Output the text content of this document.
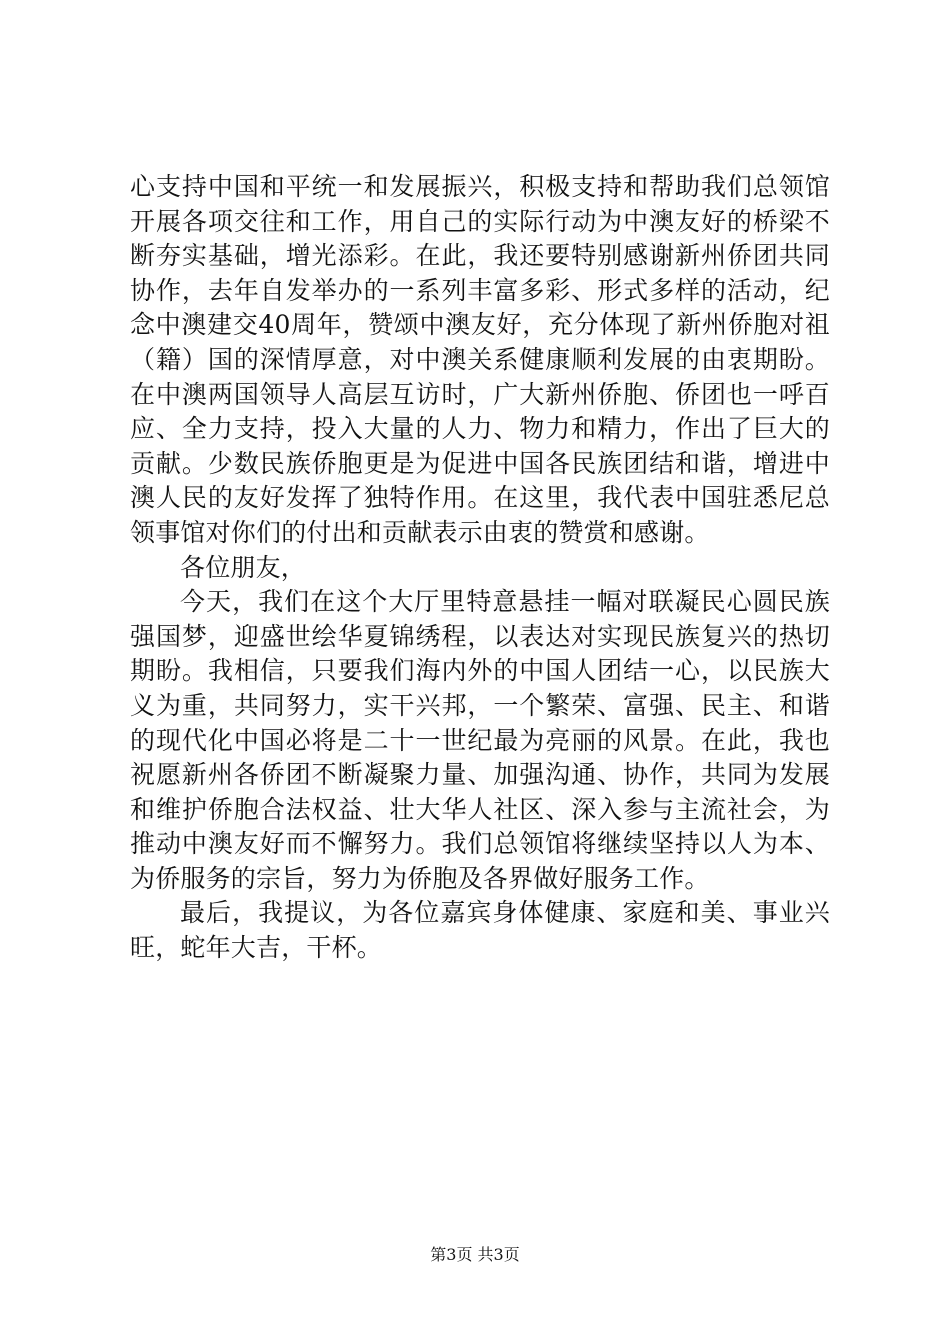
心支持中国和平统一和发展振兴，积极支持和帮助我们总领馆
开展各项交往和工作，用自己的实际行动为中澳友好的桥梁不
断夯实基础，增光添彩。在此，我还要特别感谢新州侨团共同
协作，去年自发举办的一系列丰富多彩、形式多样的活动，纪
念中澳建交40周年，赞颂中澳友好，充分体现了新州侨胞对祖
（籍）国的深情厚意，对中澳关系健康顺利发展的由衷期盼。
在中澳两国领导人高层互访时，广大新州侨胞、侨团也一呼百
应、全力支持，投入大量的人力、物力和精力，作出了巨大的
贡献。少数民族侨胞更是为促进中国各民族团结和谐，增进中
澳人民的友好发挥了独特作用。在这里，我代表中国驻悉尼总
领事馆对你们的付出和贡献表示由衷的赞赏和感谢。
各位朋友，
今天，我们在这个大厅里特意悬挂一幅对联凝民心圆民族
强国梦，迎盛世绘华夏锦绣程，以表达对实现民族复兴的热切
期盼。我相信，只要我们海内外的中国人团结一心，以民族大
义为重，共同努力，实干兴邦，一个繁荣、富强、民主、和谐
的现代化中国必将是二十一世纪最为亮丽的风景。在此，我也
祝愿新州各侨团不断凝聚力量、加强沟通、协作，共同为发展
和维护侨胞合法权益、壮大华人社区、深入参与主流社会，为
推动中澳友好而不懈努力。我们总领馆将继续坚持以人为本、
为侨服务的宗旨，努力为侨胞及各界做好服务工作。
最后，我提议，为各位嘉宾身体健康、家庭和美、事业兴
旺，蛇年大吉，干杯。
第3页 共3页
